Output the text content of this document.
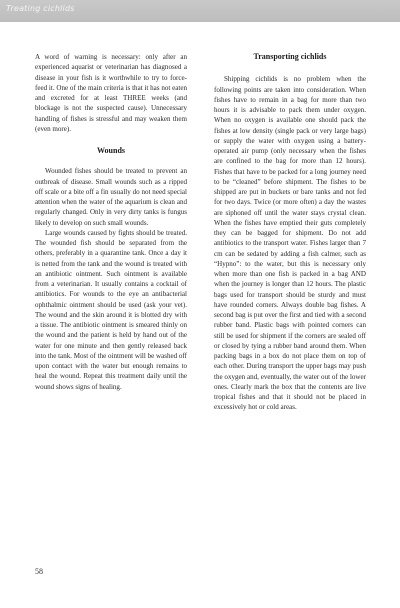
Treating cichlids

A word of warning is necessary: only after an experienced aquarist or veterinarian has diagnosed a disease in your fish is it worthwhile to try to force-feed it. One of the main criteria is that it has not eaten and excreted for at least THREE weeks (and blockage is not the suspected cause). Unnecessary handling of fishes is stressful and may weaken them (even more).

Wounds

Wounded fishes should be treated to prevent an outbreak of disease. Small wounds such as a ripped off scale or a bite off a fin usually do not need special attention when the water of the aquarium is clean and regularly changed. Only in very dirty tanks is fungus likely to develop on such small wounds.

Large wounds caused by fights should be treated. The wounded fish should be separated from the others, preferably in a quarantine tank. Once a day it is netted from the tank and the wound is treated with an antibiotic ointment. Such ointment is available from a veterinarian. It usually contains a cocktail of antibiotics. For wounds to the eye an antibacterial ophthalmic ointment should be used (ask your vet). The wound and the skin around it is blotted dry with a tissue. The antibiotic ointment is smeared thinly on the wound and the patient is held by hand out of the water for one minute and then gently released back into the tank. Most of the ointment will be washed off upon contact with the water but enough remains to heal the wound. Repeat this treatment daily until the wound shows signs of healing.

Transporting cichlids

Shipping cichlids is no problem when the following points are taken into consideration. When fishes have to remain in a bag for more than two hours it is advisable to pack them under oxygen. When no oxygen is available one should pack the fishes at low density (single pack or very large bags) or supply the water with oxygen using a battery-operated air pump (only necessary when the fishes are confined to the bag for more than 12 hours). Fishes that have to be packed for a long journey need to be “cleaned” before shipment. The fishes to be shipped are put in buckets or bare tanks and not fed for two days. Twice (or more often) a day the wastes are siphoned off until the water stays crystal clean. When the fishes have emptied their guts completely they can be bagged for shipment. Do not add antibiotics to the transport water. Fishes larger than 7 cm can be sedated by adding a fish calmer, such as “Hypno”: to the water, but this is necessary only when more than one fish is packed in a bag AND when the journey is longer than 12 hours. The plastic bags used for transport should be sturdy and must have rounded corners. Always double bag fishes. A second bag is put over the first and tied with a second rubber band. Plastic bags with pointed corners can still be used for shipment if the corners are sealed off or closed by tying a rubber band around them. When packing bags in a box do not place them on top of each other. During transport the upper bags may push the oxygen and, eventually, the water out of the lower ones. Clearly mark the box that the contents are live tropical fishes and that it should not be placed in excessively hot or cold areas.

58
